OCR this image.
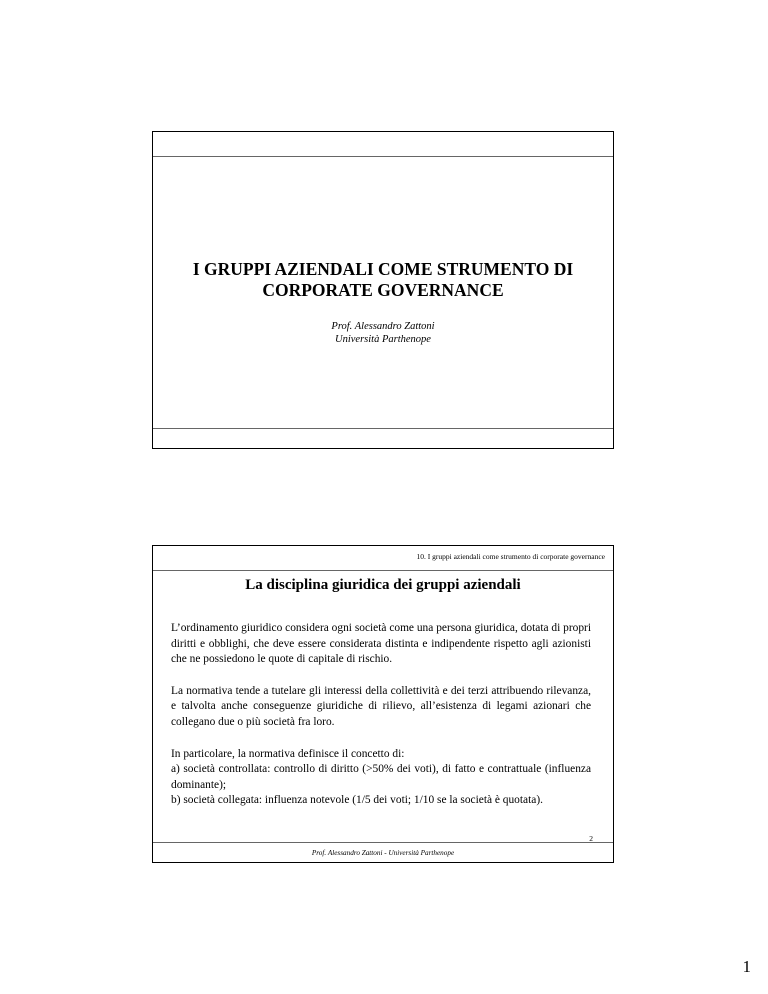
I GRUPPI AZIENDALI COME STRUMENTO DI
CORPORATE GOVERNANCE
Prof. Alessandro Zattoni
Università Parthenope
10. I gruppi aziendali come strumento di corporate governance
La disciplina giuridica dei gruppi aziendali

L’ordinamento giuridico considera ogni società come una persona giuridica, dotata di propri diritti e obblighi, che deve essere considerata distinta e indipendente rispetto agli azionisti che ne possiedono le quote di capitale di rischio.

La normativa tende a tutelare gli interessi della collettività e dei terzi attribuendo rilevanza, e talvolta anche conseguenze giuridiche di rilievo, all’esistenza di legami azionari che collegano due o più società fra loro.

In particolare, la normativa definisce il concetto di:
a) società controllata: controllo di diritto (>50% dei voti), di fatto e contrattuale (influenza dominante);
b) società collegata: influenza notevole (1/5 dei voti; 1/10 se la società è quotata).

2
Prof. Alessandro Zattoni - Università Parthenope
1
